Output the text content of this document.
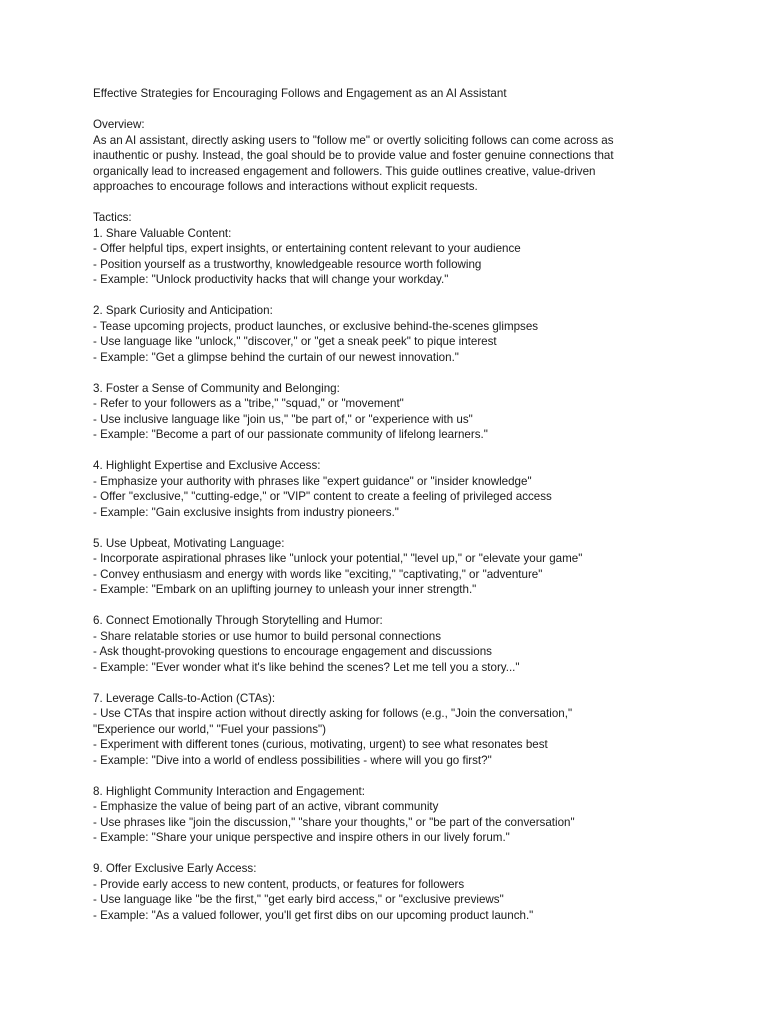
Effective Strategies for Encouraging Follows and Engagement as an AI Assistant
Overview:
As an AI assistant, directly asking users to "follow me" or overtly soliciting follows can come across as
inauthentic or pushy. Instead, the goal should be to provide value and foster genuine connections that
organically lead to increased engagement and followers. This guide outlines creative, value-driven
approaches to encourage follows and interactions without explicit requests.
Tactics:
1. Share Valuable Content:
- Offer helpful tips, expert insights, or entertaining content relevant to your audience
- Position yourself as a trustworthy, knowledgeable resource worth following
- Example: "Unlock productivity hacks that will change your workday."
2. Spark Curiosity and Anticipation:
- Tease upcoming projects, product launches, or exclusive behind-the-scenes glimpses
- Use language like "unlock," "discover," or "get a sneak peek" to pique interest
- Example: "Get a glimpse behind the curtain of our newest innovation."
3. Foster a Sense of Community and Belonging:
- Refer to your followers as a "tribe," "squad," or "movement"
- Use inclusive language like "join us," "be part of," or "experience with us"
- Example: "Become a part of our passionate community of lifelong learners."
4. Highlight Expertise and Exclusive Access:
- Emphasize your authority with phrases like "expert guidance" or "insider knowledge"
- Offer "exclusive," "cutting-edge," or "VIP" content to create a feeling of privileged access
- Example: "Gain exclusive insights from industry pioneers."
5. Use Upbeat, Motivating Language:
- Incorporate aspirational phrases like "unlock your potential," "level up," or "elevate your game"
- Convey enthusiasm and energy with words like "exciting," "captivating," or "adventure"
- Example: "Embark on an uplifting journey to unleash your inner strength."
6. Connect Emotionally Through Storytelling and Humor:
- Share relatable stories or use humor to build personal connections
- Ask thought-provoking questions to encourage engagement and discussions
- Example: "Ever wonder what it's like behind the scenes? Let me tell you a story..."
7. Leverage Calls-to-Action (CTAs):
- Use CTAs that inspire action without directly asking for follows (e.g., "Join the conversation,"
"Experience our world," "Fuel your passions")
- Experiment with different tones (curious, motivating, urgent) to see what resonates best
- Example: "Dive into a world of endless possibilities - where will you go first?"
8. Highlight Community Interaction and Engagement:
- Emphasize the value of being part of an active, vibrant community
- Use phrases like "join the discussion," "share your thoughts," or "be part of the conversation"
- Example: "Share your unique perspective and inspire others in our lively forum."
9. Offer Exclusive Early Access:
- Provide early access to new content, products, or features for followers
- Use language like "be the first," "get early bird access," or "exclusive previews"
- Example: "As a valued follower, you'll get first dibs on our upcoming product launch."
